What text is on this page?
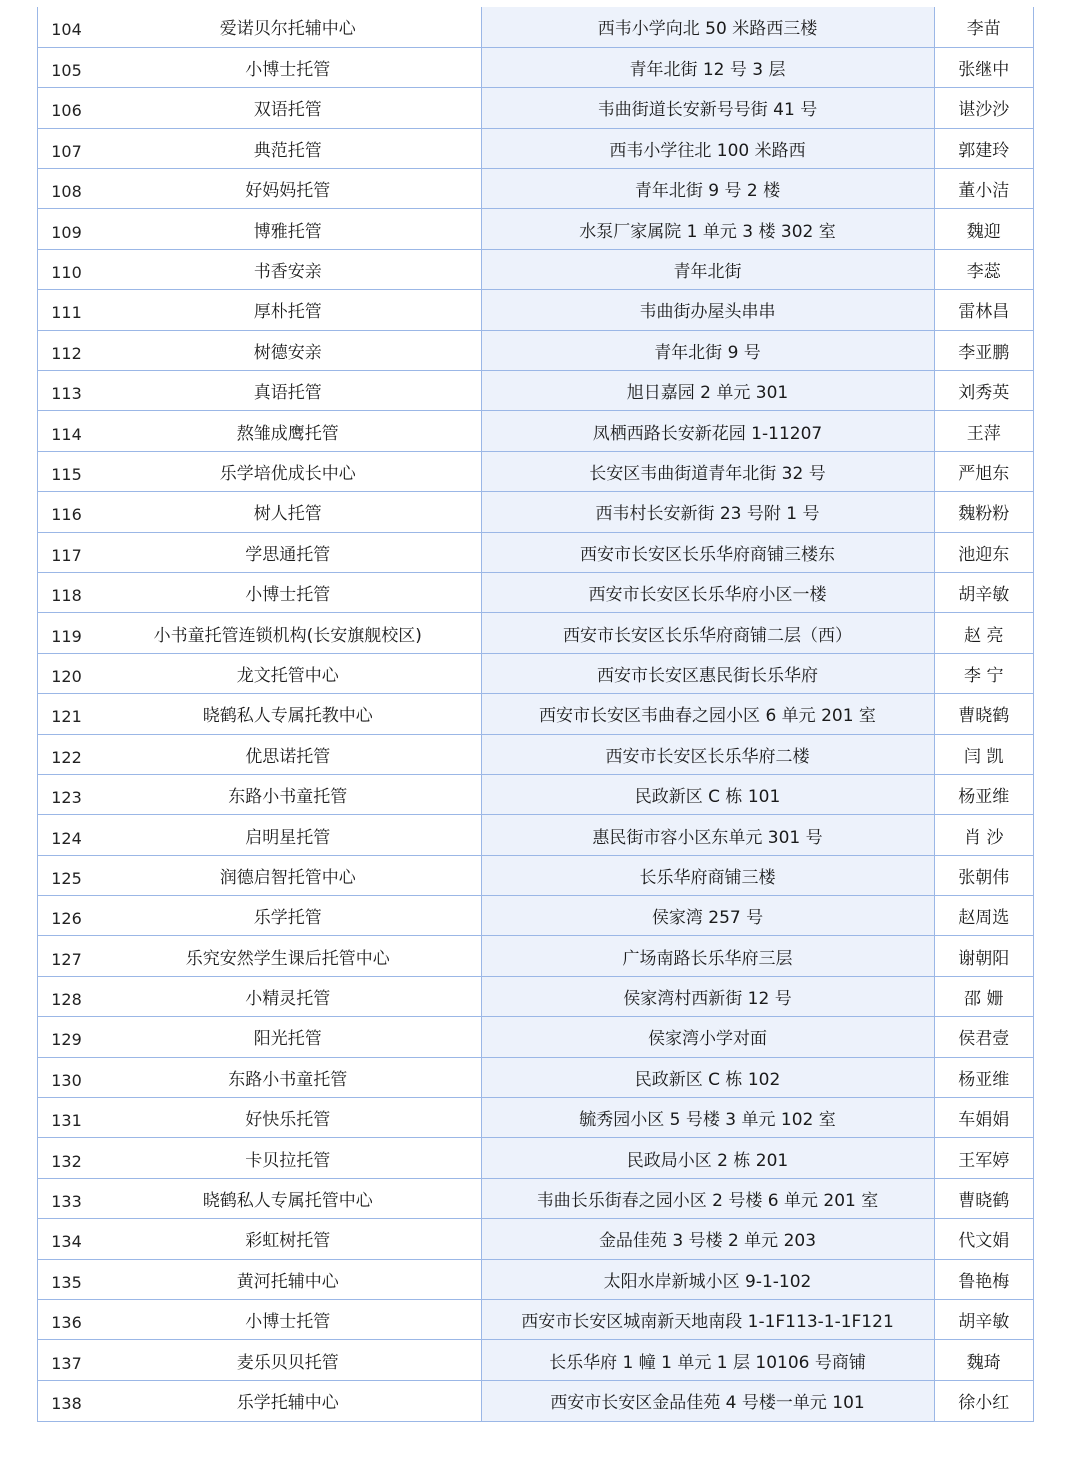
104	爱诺贝尔托辅中心	西韦小学向北 50 米路西三楼	李苗
105	小博士托管	青年北街 12 号 3 层	张继中
106	双语托管	韦曲街道长安新号号街 41 号	谌沙沙
107	典范托管	西韦小学往北 100 米路西	郭建玲
108	好妈妈托管	青年北街 9 号 2 楼	董小洁
109	博雅托管	水泵厂家属院 1 单元 3 楼 302 室	魏迎
110	书香安亲	青年北街	李蕊
111	厚朴托管	韦曲街办屋头串串	雷林昌
112	树德安亲	青年北街 9 号	李亚鹏
113	真语托管	旭日嘉园 2 单元 301	刘秀英
114	熬雏成鹰托管	凤栖西路长安新花园 1-11207	王萍
115	乐学培优成长中心	长安区韦曲街道青年北街 32 号	严旭东
116	树人托管	西韦村长安新街 23 号附 1 号	魏粉粉
117	学思通托管	西安市长安区长乐华府商铺三楼东	池迎东
118	小博士托管	西安市长安区长乐华府小区一楼	胡辛敏
119	小书童托管连锁机构(长安旗舰校区)	西安市长安区长乐华府商铺二层（西）	赵 亮
120	龙文托管中心	西安市长安区惠民街长乐华府	李 宁
121	晓鹤私人专属托教中心	西安市长安区韦曲春之园小区 6 单元 201 室	曹晓鹤
122	优思诺托管	西安市长安区长乐华府二楼	闫 凯
123	东路小书童托管	民政新区 C 栋 101	杨亚维
124	启明星托管	惠民街市容小区东单元 301 号	肖 沙
125	润德启智托管中心	长乐华府商铺三楼	张朝伟
126	乐学托管	侯家湾 257 号	赵周选
127	乐究安然学生课后托管中心	广场南路长乐华府三层	谢朝阳
128	小精灵托管	侯家湾村西新街 12 号	邵 姗
129	阳光托管	侯家湾小学对面	侯君壹
130	东路小书童托管	民政新区 C 栋 102	杨亚维
131	好快乐托管	毓秀园小区 5 号楼 3 单元 102 室	车娟娟
132	卡贝拉托管	民政局小区 2 栋 201	王军婷
133	晓鹤私人专属托管中心	韦曲长乐街春之园小区 2 号楼 6 单元 201 室	曹晓鹤
134	彩虹树托管	金品佳苑 3 号楼 2 单元 203	代文娟
135	黄河托辅中心	太阳水岸新城小区 9-1-102	鲁艳梅
136	小博士托管	西安市长安区城南新天地南段 1-1F113-1-1F121	胡辛敏
137	麦乐贝贝托管	长乐华府 1 幢 1 单元 1 层 10106 号商铺	魏琦
138	乐学托辅中心	西安市长安区金品佳苑 4 号楼一单元 101	徐小红
